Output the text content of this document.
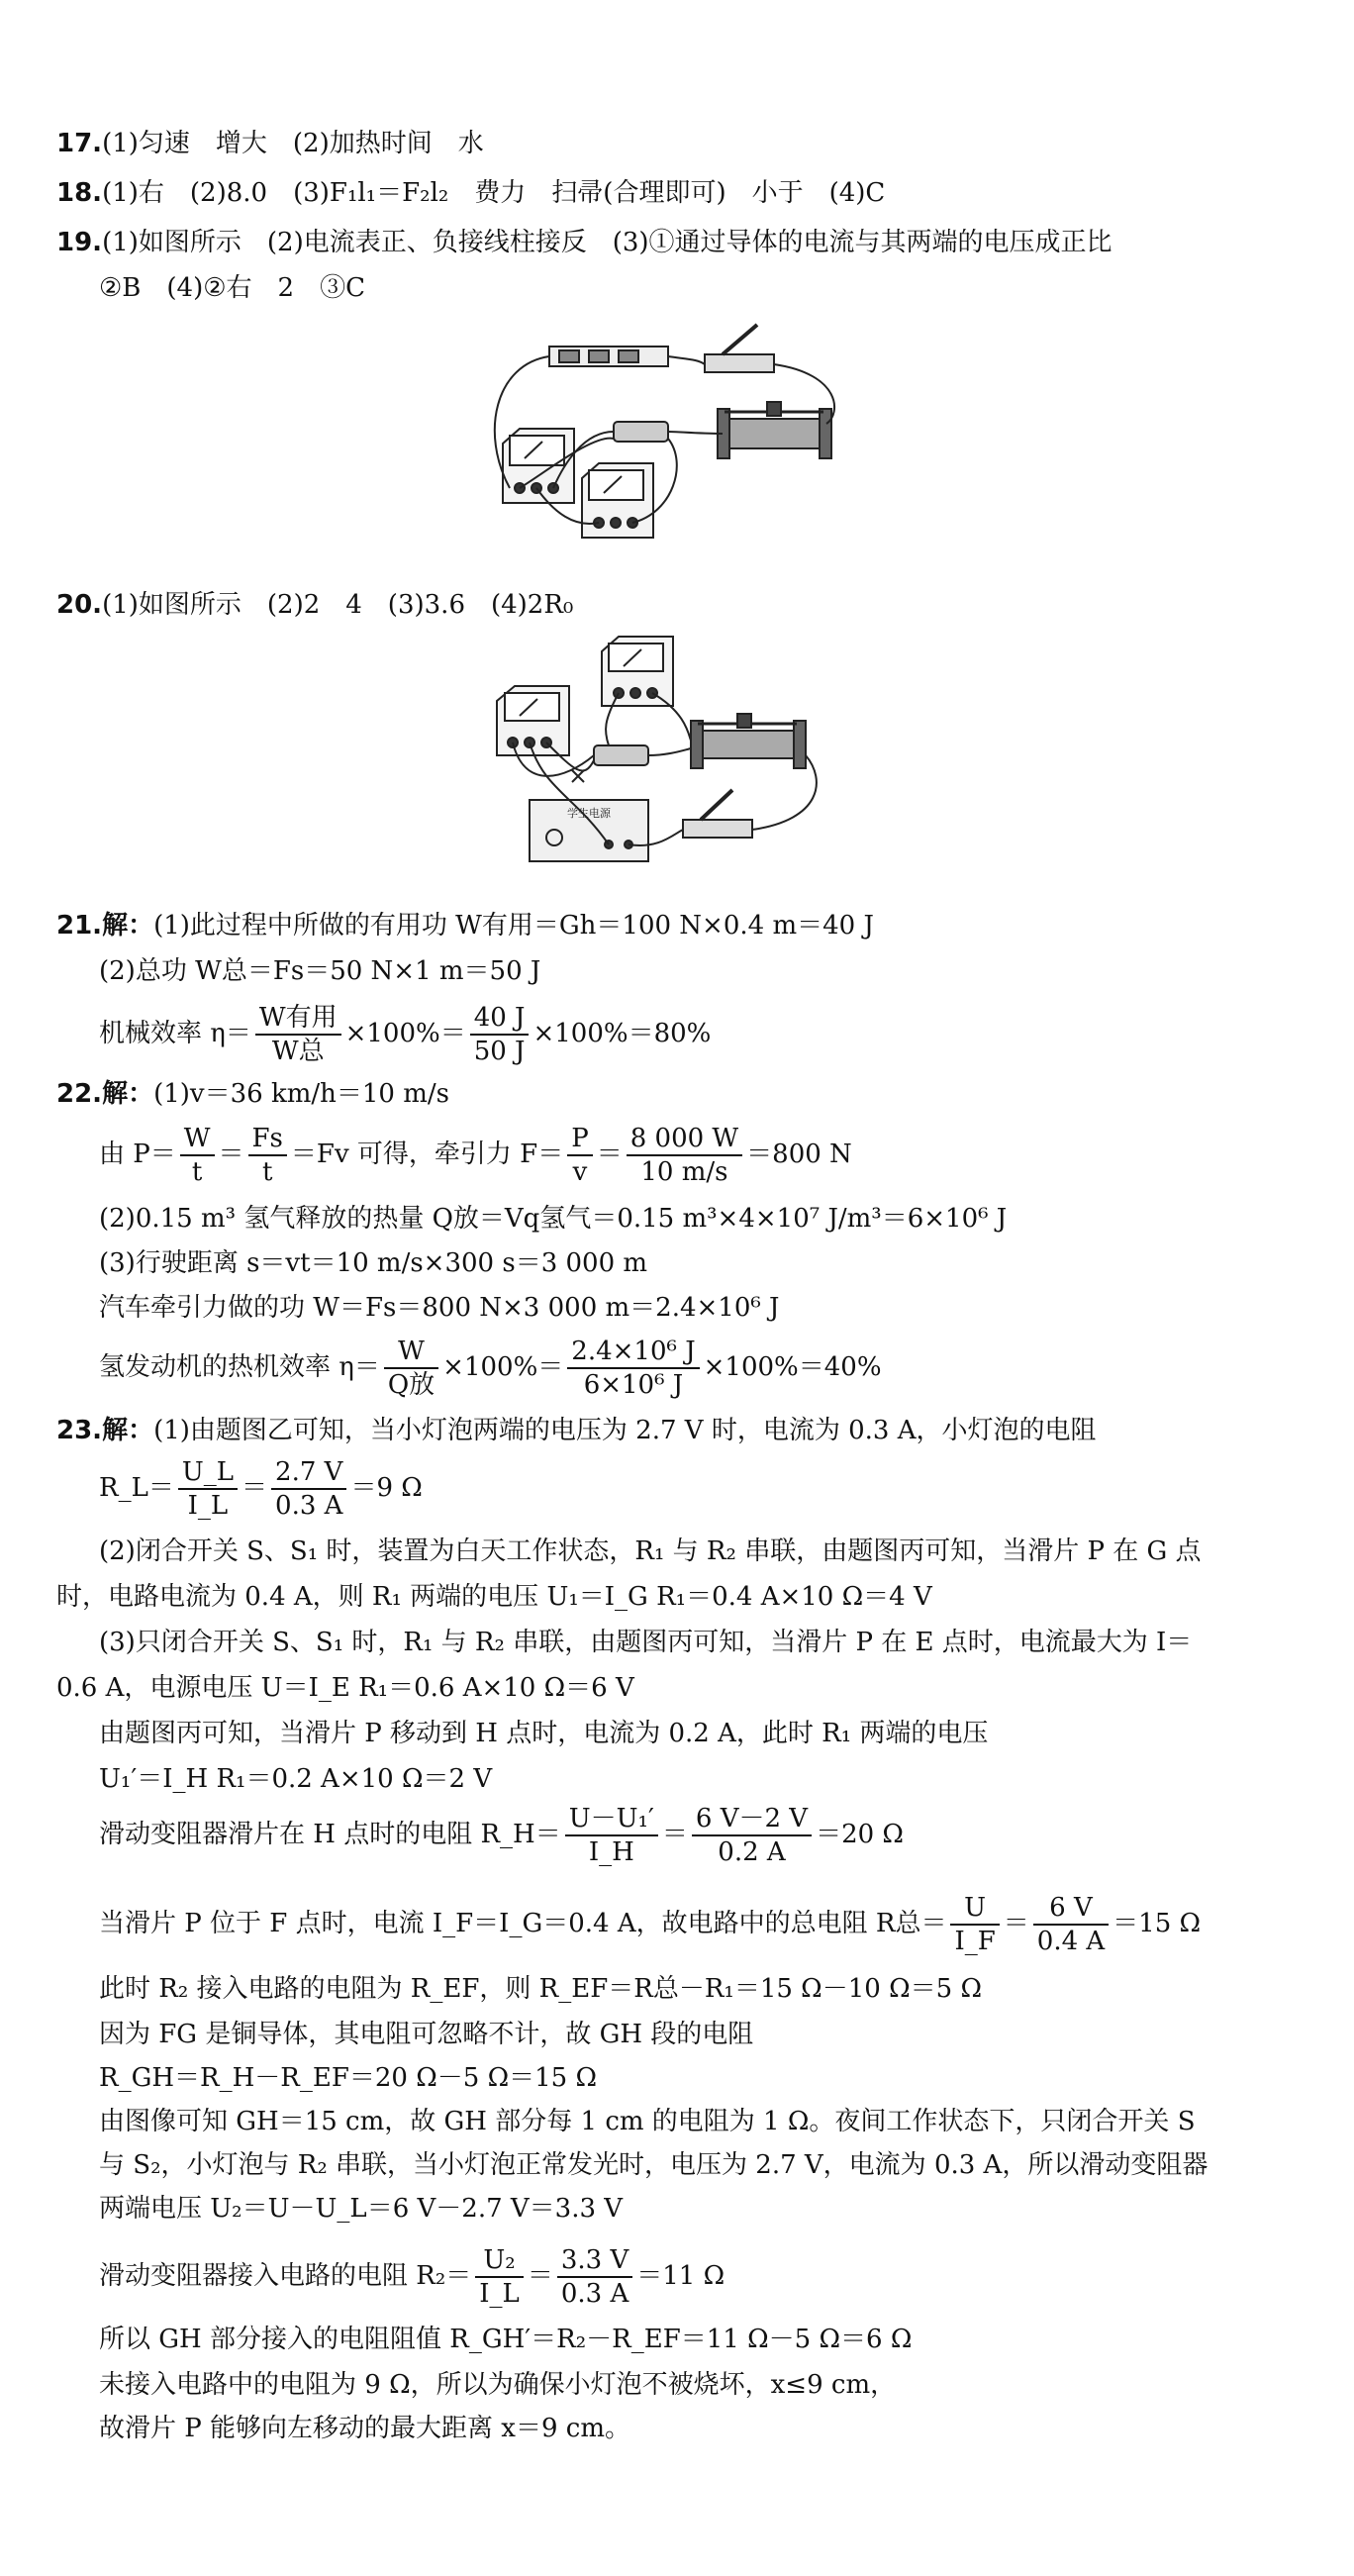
17.(1)匀速　增大　(2)加热时间　水
18.(1)右　(2)8.0　(3)F₁l₁＝F₂l₂　费力　扫帚(合理即可)　小于　(4)C
19.(1)如图所示　(2)电流表正、负接线柱接反　(3)①通过导体的电流与其两端的电压成正比
②B　(4)②右　2　③C
20.(1)如图所示　(2)2　4　(3)3.6　(4)2R₀
学生电源
21.解：(1)此过程中所做的有用功 W有用＝Gh＝100 N×0.4 m＝40 J
(2)总功 W总＝Fs＝50 N×1 m＝50 J
机械效率 $\eta= \frac{\text{W有用}}{\text{W总}} \times 100\%= \frac{40 J}{50 J} \times 100\%=80\%$
22.解：(1)v＝36 km/h＝10 m/s
由 $P= \frac{W}{t} = \frac{Fs}{t} =Fv$ 可得，牵引力 $F= \frac{P}{v} = \frac{8 000 W}{10 m/s} =800$ N
(2)0.15 m³ 氢气释放的热量 Q放＝Vq氢气＝0.15 m³×4×10⁷ J/m³＝6×10⁶ J
(3)行驶距离 s＝vt＝10 m/s×300 s＝3 000 m
汽车牵引力做的功 W＝Fs＝800 N×3 000 m＝2.4×10⁶ J
氢发动机的热机效率 $\eta= \frac{W}{\text{Q放}} \times 100\%= \frac{\text{2.4×10⁶ J}}{\text{6×10⁶ J}} \times 100\%=40\%$
23.解：(1)由题图乙可知，当小灯泡两端的电压为 2.7 V 时，电流为 0.3 A，小灯泡的电阻
R_L＝ $\frac{U\_L}{I\_L} = \frac{2.7 V}{0.3 A} =9$ Ω
(2)闭合开关 S、S₁ 时，装置为白天工作状态，R₁ 与 R₂ 串联，由题图丙可知，当滑片 P 在 G 点
时，电路电流为 0.4 A，则 R₁ 两端的电压 U₁＝I_G R₁＝0.4 A×10 Ω＝4 V
(3)只闭合开关 S、S₁ 时，R₁ 与 R₂ 串联，由题图丙可知，当滑片 P 在 E 点时，电流最大为 I＝
0.6 A，电源电压 U＝I_E R₁＝0.6 A×10 Ω＝6 V
由题图丙可知，当滑片 P 移动到 H 点时，电流为 0.2 A，此时 R₁ 两端的电压
U₁′＝I_H R₁＝0.2 A×10 Ω＝2 V
滑动变阻器滑片在 H 点时的电阻 R_H＝ $\frac{\text{U－U₁′}}{I\_H} = \frac{6 V-2 V}{0.2 A} =20$ Ω
当滑片 P 位于 F 点时，电流 I_F＝I_G＝0.4 A，故电路中的总电阻 R总＝ $\frac{U}{I\_F} = \frac{6 V}{0.4 A} =15$ Ω
此时 R₂ 接入电路的电阻为 R_EF，则 R_EF＝R总－R₁＝15 Ω－10 Ω＝5 Ω
因为 FG 是铜导体，其电阻可忽略不计，故 GH 段的电阻
R_GH＝R_H－R_EF＝20 Ω－5 Ω＝15 Ω
由图像可知 GH＝15 cm，故 GH 部分每 1 cm 的电阻为 1 Ω。夜间工作状态下，只闭合开关 S
与 S₂，小灯泡与 R₂ 串联，当小灯泡正常发光时，电压为 2.7 V，电流为 0.3 A，所以滑动变阻器
两端电压 U₂＝U－U_L＝6 V－2.7 V＝3.3 V
滑动变阻器接入电路的电阻 $R_2= \frac{\text{U₂}}{I\_L} = \frac{3.3 V}{0.3 A} =11$ Ω
所以 GH 部分接入的电阻阻值 R_GH′＝R₂－R_EF＝11 Ω－5 Ω＝6 Ω
未接入电路中的电阻为 9 Ω，所以为确保小灯泡不被烧坏，x≤9 cm，
故滑片 P 能够向左移动的最大距离 x＝9 cm。
